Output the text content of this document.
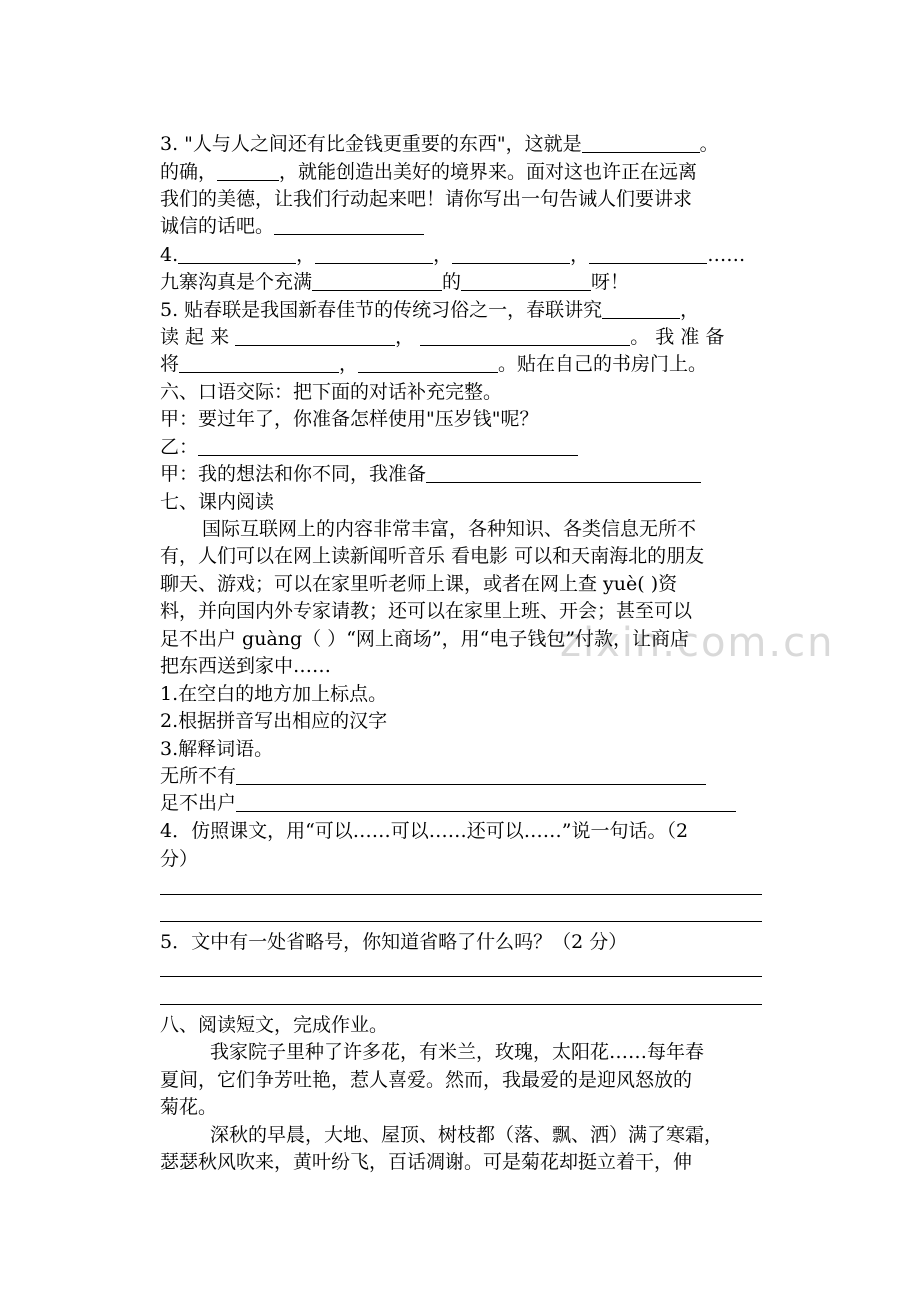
zixin.com.cn
3. "人与人之间还有比金钱更重要的东西"，这就是	。
的确，	，就能创造出美好的境界来。面对这也许正在远离
我们的美德，让我们行动起来吧！请你写出一句告诫人们要讲求
诚信的话吧。
4.	，	，	，	……
九寨沟真是个充满	的	呀！
5. 贴春联是我国新春佳节的传统习俗之一，春联讲究	，
读 起 来	，	。 我 准 备
将	，	。贴在自己的书房门上。
六、口语交际：把下面的对话补充完整。
甲：要过年了，你准备怎样使用"压岁钱"呢？
乙：
甲：我的想法和你不同，我准备
七、课内阅读
国际互联网上的内容非常丰富，各种知识、各类信息无所不
有，人们可以在网上读新闻听音乐 看电影 可以和天南海北的朋友
聊天、游戏；可以在家里听老师上课，或者在网上查 yuè( )资
料，并向国内外专家请教；还可以在家里上班、开会；甚至可以
足不出户 guàng（ ）“网上商场”，用“电子钱包”付款，让商店
把东西送到家中……
1.在空白的地方加上标点。
2.根据拼音写出相应的汉字
3.解释词语。
无所不有
足不出户
4．仿照课文，用“可以……可以……还可以……”说一句话。（2
分）
5．文中有一处省略号，你知道省略了什么吗？（2 分）
八、阅读短文，完成作业。
我家院子里种了许多花，有米兰，玫瑰，太阳花……每年春
夏间，它们争芳吐艳，惹人喜爱。然而，我最爱的是迎风怒放的
菊花。
深秋的早晨，大地、屋顶、树枝都（落、飘、洒）满了寒霜，
瑟瑟秋风吹来，黄叶纷飞，百话凋谢。可是菊花却挺立着干，伸
